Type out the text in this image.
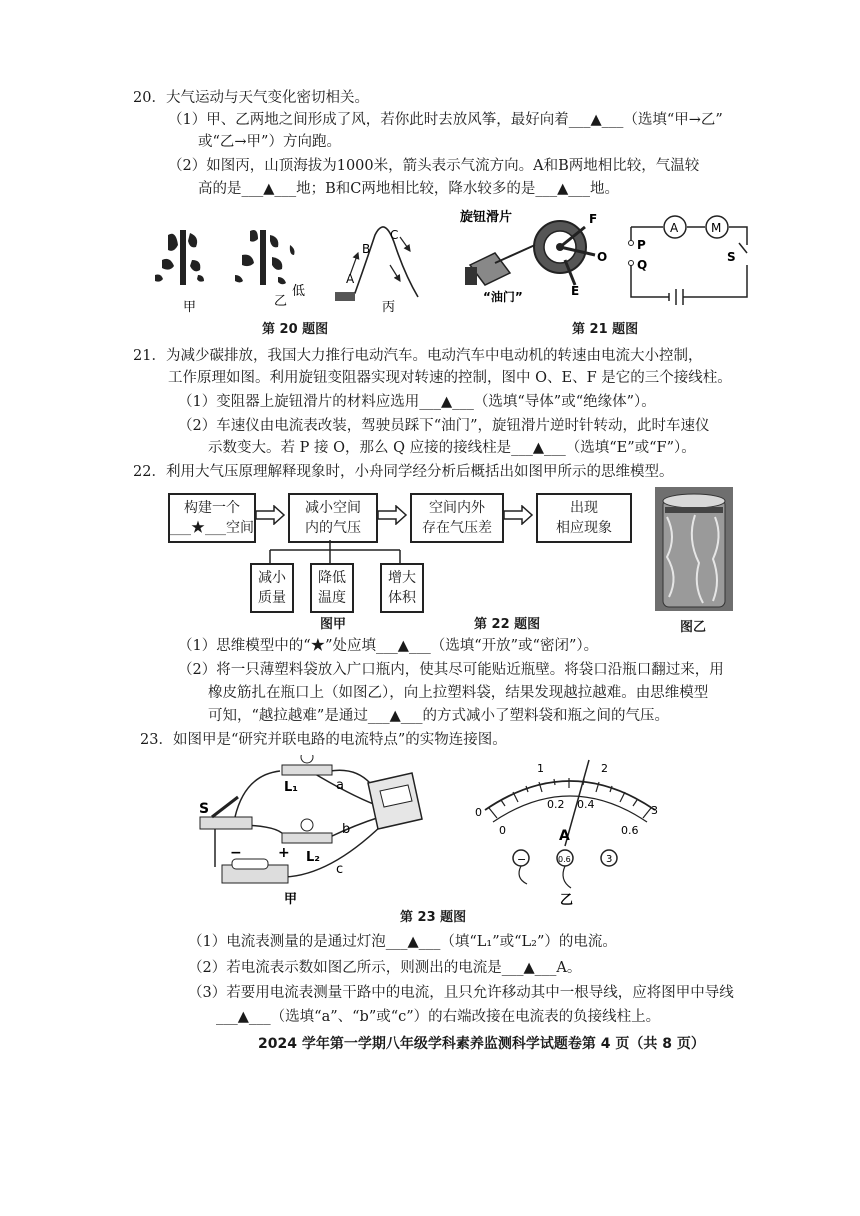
20．大气运动与天气变化密切相关。
（1）甲、乙两地之间形成了风，若你此时去放风筝，最好向着___▲___（选填“甲→乙”
或“乙→甲”）方向跑。
（2）如图丙，山顶海拔为1000米，箭头表示气流方向。A和B两地相比较，气温较
高的是___▲___地；B和C两地相比较，降水较多的是___▲___地。
甲	乙
低
A
B
C
丙
旋钮滑片	F
O
E
“油门”
A	M
P
Q
S
第 20 题图	第 21 题图
21．为减少碳排放，我国大力推行电动汽车。电动汽车中电动机的转速由电流大小控制，
工作原理如图。利用旋钮变阻器实现对转速的控制，图中 O、E、F 是它的三个接线柱。
（1）变阻器上旋钮滑片的材料应选用___▲___（选填“导体”或“绝缘体”）。
（2）车速仪由电流表改装，驾驶员踩下“油门”，旋钮滑片逆时针转动，此时车速仪
示数变大。若 P 接 O，那么 Q 应接的接线柱是___▲___（选填“E”或“F”）。
22．利用大气压原理解释现象时，小舟同学经分析后概括出如图甲所示的思维模型。
构建一个
___★___空间
减小空间
内的气压
空间内外
存在气压差
出现
相应现象
减小
质量
降低
温度
增大
体积
图甲	第 22 题图	图乙
（1）思维模型中的“★”处应填___▲___（选填“开放”或“密闭”）。
（2）将一只薄塑料袋放入广口瓶内，使其尽可能贴近瓶壁。将袋口沿瓶口翻过来，用
橡皮筋扎在瓶口上（如图乙），向上拉塑料袋，结果发现越拉越难。由思维模型
可知，“越拉越难”是通过___▲___的方式减小了塑料袋和瓶之间的气压。
23．如图甲是“研究并联电路的电流特点”的实物连接图。
S
L₁
L₂
a
b
c
−	+
甲
0
1	2
3
0
0.2 0.4
0.6
A
−	0.6	3
乙
第 23 题图
（1）电流表测量的是通过灯泡___▲___（填“L₁”或“L₂”）的电流。
（2）若电流表示数如图乙所示，则测出的电流是___▲___A。
（3）若要用电流表测量干路中的电流，且只允许移动其中一根导线，应将图甲中导线
___▲___（选填“a”、“b”或“c”）的右端改接在电流表的负接线柱上。
2024 学年第一学期八年级学科素养监测科学试题卷第 4 页（共 8 页）
